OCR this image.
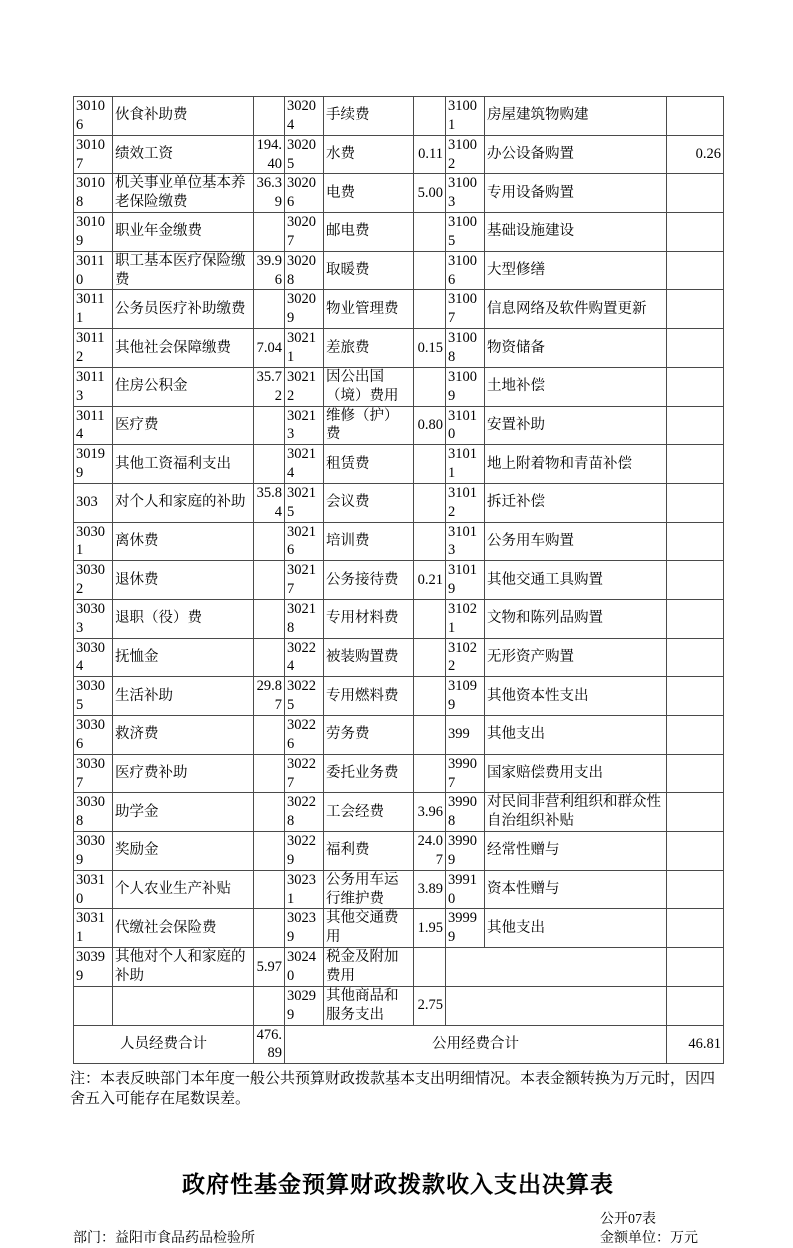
30106	伙食补助费		30204	手续费		31001	房屋建筑物购建	
30107	绩效工资	194.40	30205	水费	0.11	31002	办公设备购置	0.26
30108	机关事业单位基本养老保险缴费	36.39	30206	电费	5.00	31003	专用设备购置	
30109	职业年金缴费		30207	邮电费		31005	基础设施建设	
30110	职工基本医疗保险缴费	39.96	30208	取暖费		31006	大型修缮	
30111	公务员医疗补助缴费		30209	物业管理费		31007	信息网络及软件购置更新	
30112	其他社会保障缴费	7.04	30211	差旅费	0.15	31008	物资储备	
30113	住房公积金	35.72	30212	因公出国（境）费用		31009	土地补偿	
30114	医疗费		30213	维修（护）费	0.80	31010	安置补助	
30199	其他工资福利支出		30214	租赁费		31011	地上附着物和青苗补偿	
303	对个人和家庭的补助	35.84	30215	会议费		31012	拆迁补偿	
30301	离休费		30216	培训费		31013	公务用车购置	
30302	退休费		30217	公务接待费	0.21	31019	其他交通工具购置	
30303	退职（役）费		30218	专用材料费		31021	文物和陈列品购置	
30304	抚恤金		30224	被装购置费		31022	无形资产购置	
30305	生活补助	29.87	30225	专用燃料费		31099	其他资本性支出	
30306	救济费		30226	劳务费		399	其他支出	
30307	医疗费补助		30227	委托业务费		39907	国家赔偿费用支出	
30308	助学金		30228	工会经费	3.96	39908	对民间非营利组织和群众性自治组织补贴	
30309	奖励金		30229	福利费	24.07	39909	经常性赠与	
30310	个人农业生产补贴		30231	公务用车运行维护费	3.89	39910	资本性赠与	
30311	代缴社会保险费		30239	其他交通费用	1.95	39999	其他支出	
30399	其他对个人和家庭的补助	5.97	30240	税金及附加费用				
			30299	其他商品和服务支出	2.75			
人员经费合计		476.89	公用经费合计					46.81
注：本表反映部门本年度一般公共预算财政拨款基本支出明细情况。本表金额转换为万元时，因四舍五入可能存在尾数误差。
政府性基金预算财政拨款收入支出决算表
公开07表
金额单位：万元
部门：益阳市食品药品检验所
